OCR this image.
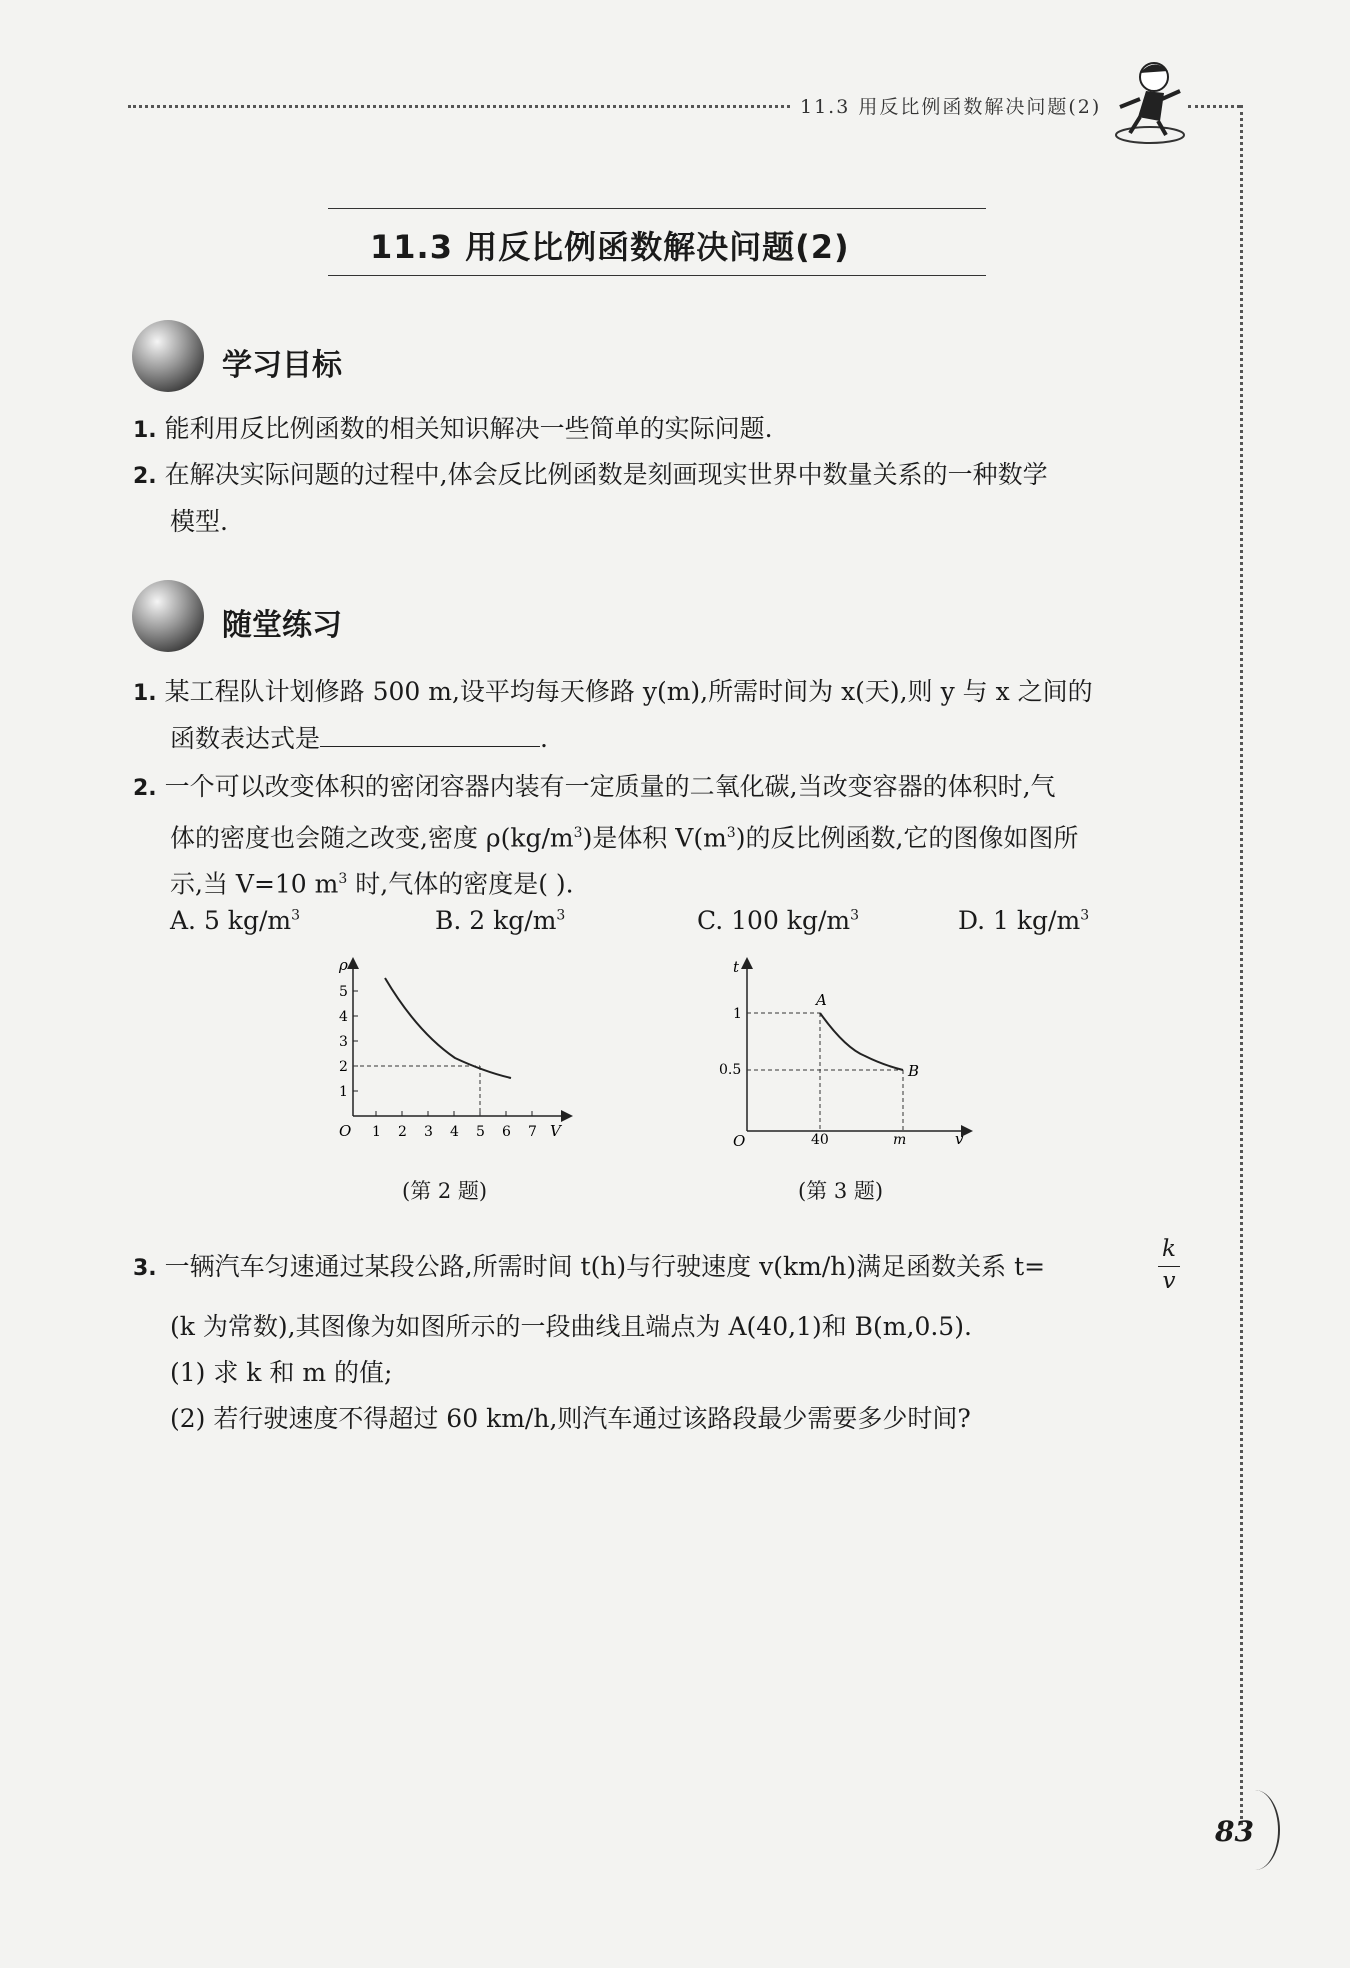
11.3 用反比例函数解决问题(2)
11.3 用反比例函数解决问题(2)
学习目标
1. 能利用反比例函数的相关知识解决一些简单的实际问题.
2. 在解决实际问题的过程中,体会反比例函数是刻画现实世界中数量关系的一种数学
模型.
随堂练习
1. 某工程队计划修路 500 m,设平均每天修路 y(m),所需时间为 x(天),则 y 与 x 之间的
函数表达式是	.
2. 一个可以改变体积的密闭容器内装有一定质量的二氧化碳,当改变容器的体积时,气
体的密度也会随之改变,密度 $\rho(kg/m^3)$是体积 $V(m^3)$的反比例函数,它的图像如图所
示,当 V=10 $m^3$ 时,气体的密度是( ).
A. 5 $kg/m^3$	B. 2 $kg/m^3$	C. 100 $kg/m^3$	D. 1 $kg/m^3$
ρ
V
O 1 2 3 4 5 6 7
1
2
3
4
5
(第 2 题)
t
v
O	40	m
1
0.5
A
B
(第 3 题)
3. 一辆汽车匀速通过某段公路,所需时间 t(h)与行驶速度 v(km/h)满足函数关系 t=
k
v
(k 为常数),其图像为如图所示的一段曲线且端点为 A(40,1)和 B(m,0.5).
(1) 求 k 和 m 的值;
(2) 若行驶速度不得超过 60 km/h,则汽车通过该路段最少需要多少时间?
83
